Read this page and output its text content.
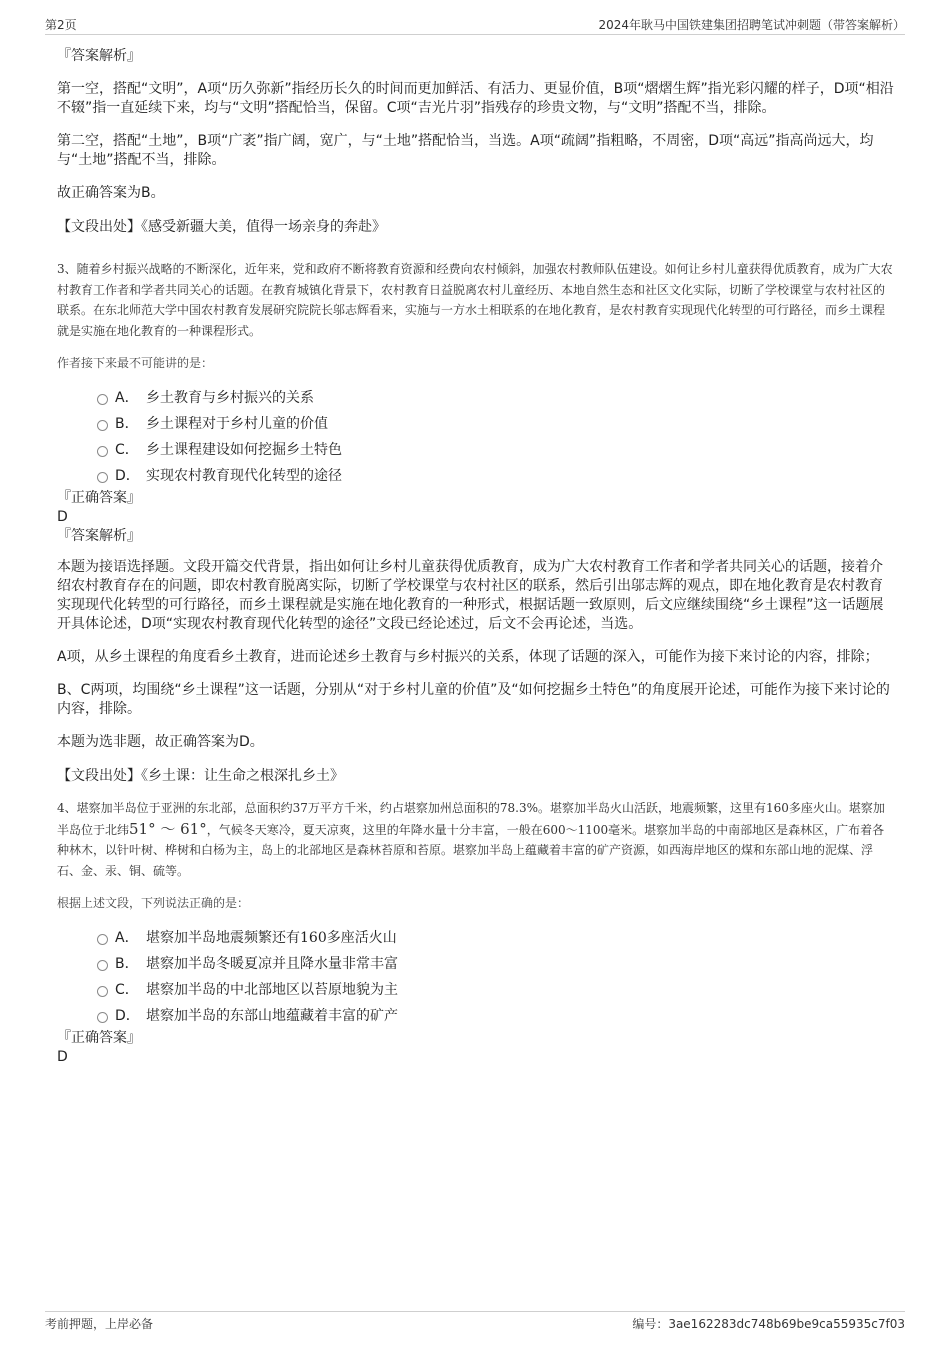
第2页	2024年耿马中国铁建集团招聘笔试冲刺题（带答案解析）
『答案解析』

第一空，搭配“文明”，A项“历久弥新”指经历长久的时间而更加鲜活、有活力、更显价值，B项“熠熠生辉”指光彩闪耀的样子，D项“相沿不辍”指一直延续下来，均与“文明”搭配恰当，保留。C项“吉光片羽”指残存的珍贵文物，与“文明”搭配不当，排除。

第二空，搭配“土地”，B项“广袤”指广阔，宽广，与“土地”搭配恰当，当选。A项“疏阔”指粗略，不周密，D项“高远”指高尚远大，均与“土地”搭配不当，排除。

故正确答案为B。

【文段出处】《感受新疆大美，值得一场亲身的奔赴》

3、随着乡村振兴战略的不断深化，近年来，党和政府不断将教育资源和经费向农村倾斜，加强农村教师队伍建设。如何让乡村儿童获得优质教育，成为广大农村教育工作者和学者共同关心的话题。在教育城镇化背景下，农村教育日益脱离农村儿童经历、本地自然生态和社区文化实际，切断了学校课堂与农村社区的联系。在东北师范大学中国农村教育发展研究院院长邬志辉看来，实施与一方水土相联系的在地化教育，是农村教育实现现代化转型的可行路径，而乡土课程就是实施在地化教育的一种课程形式。

作者接下来最不可能讲的是：
A． 乡土教育与乡村振兴的关系
B． 乡土课程对于乡村儿童的价值
C． 乡土课程建设如何挖掘乡土特色
D． 实现农村教育现代化转型的途径
『正确答案』
D
『答案解析』

本题为接语选择题。文段开篇交代背景，指出如何让乡村儿童获得优质教育，成为广大农村教育工作者和学者共同关心的话题，接着介绍农村教育存在的问题，即农村教育脱离实际，切断了学校课堂与农村社区的联系，然后引出邬志辉的观点，即在地化教育是农村教育实现现代化转型的可行路径，而乡土课程就是实施在地化教育的一种形式，根据话题一致原则，后文应继续围绕“乡土课程”这一话题展开具体论述，D项“实现农村教育现代化转型的途径”文段已经论述过，后文不会再论述，当选。

A项，从乡土课程的角度看乡土教育，进而论述乡土教育与乡村振兴的关系，体现了话题的深入，可能作为接下来讨论的内容，排除；

B、C两项，均围绕“乡土课程”这一话题，分别从“对于乡村儿童的价值”及“如何挖掘乡土特色”的角度展开论述，可能作为接下来讨论的内容，排除。

本题为选非题，故正确答案为D。

【文段出处】《乡土课：让生命之根深扎乡土》

4、堪察加半岛位于亚洲的东北部，总面积约37万平方千米，约占堪察加州总面积的78.3%。堪察加半岛火山活跃，地震频繁，这里有160多座火山。堪察加半岛位于北纬51° ～ 61°，气候冬天寒冷，夏天凉爽，这里的年降水量十分丰富，一般在600～1100毫米。堪察加半岛的中南部地区是森林区，广布着各种林木，以针叶树、桦树和白杨为主，岛上的北部地区是森林苔原和苔原。堪察加半岛上蕴藏着丰富的矿产资源，如西海岸地区的煤和东部山地的泥煤、浮石、金、汞、铜、硫等。

根据上述文段，下列说法正确的是：
A． 堪察加半岛地震频繁还有160多座活火山
B． 堪察加半岛冬暖夏凉并且降水量非常丰富
C． 堪察加半岛的中北部地区以苔原地貌为主
D． 堪察加半岛的东部山地蕴藏着丰富的矿产
『正确答案』
D
考前押题，上岸必备	编号：3ae162283dc748b69be9ca55935c7f03
